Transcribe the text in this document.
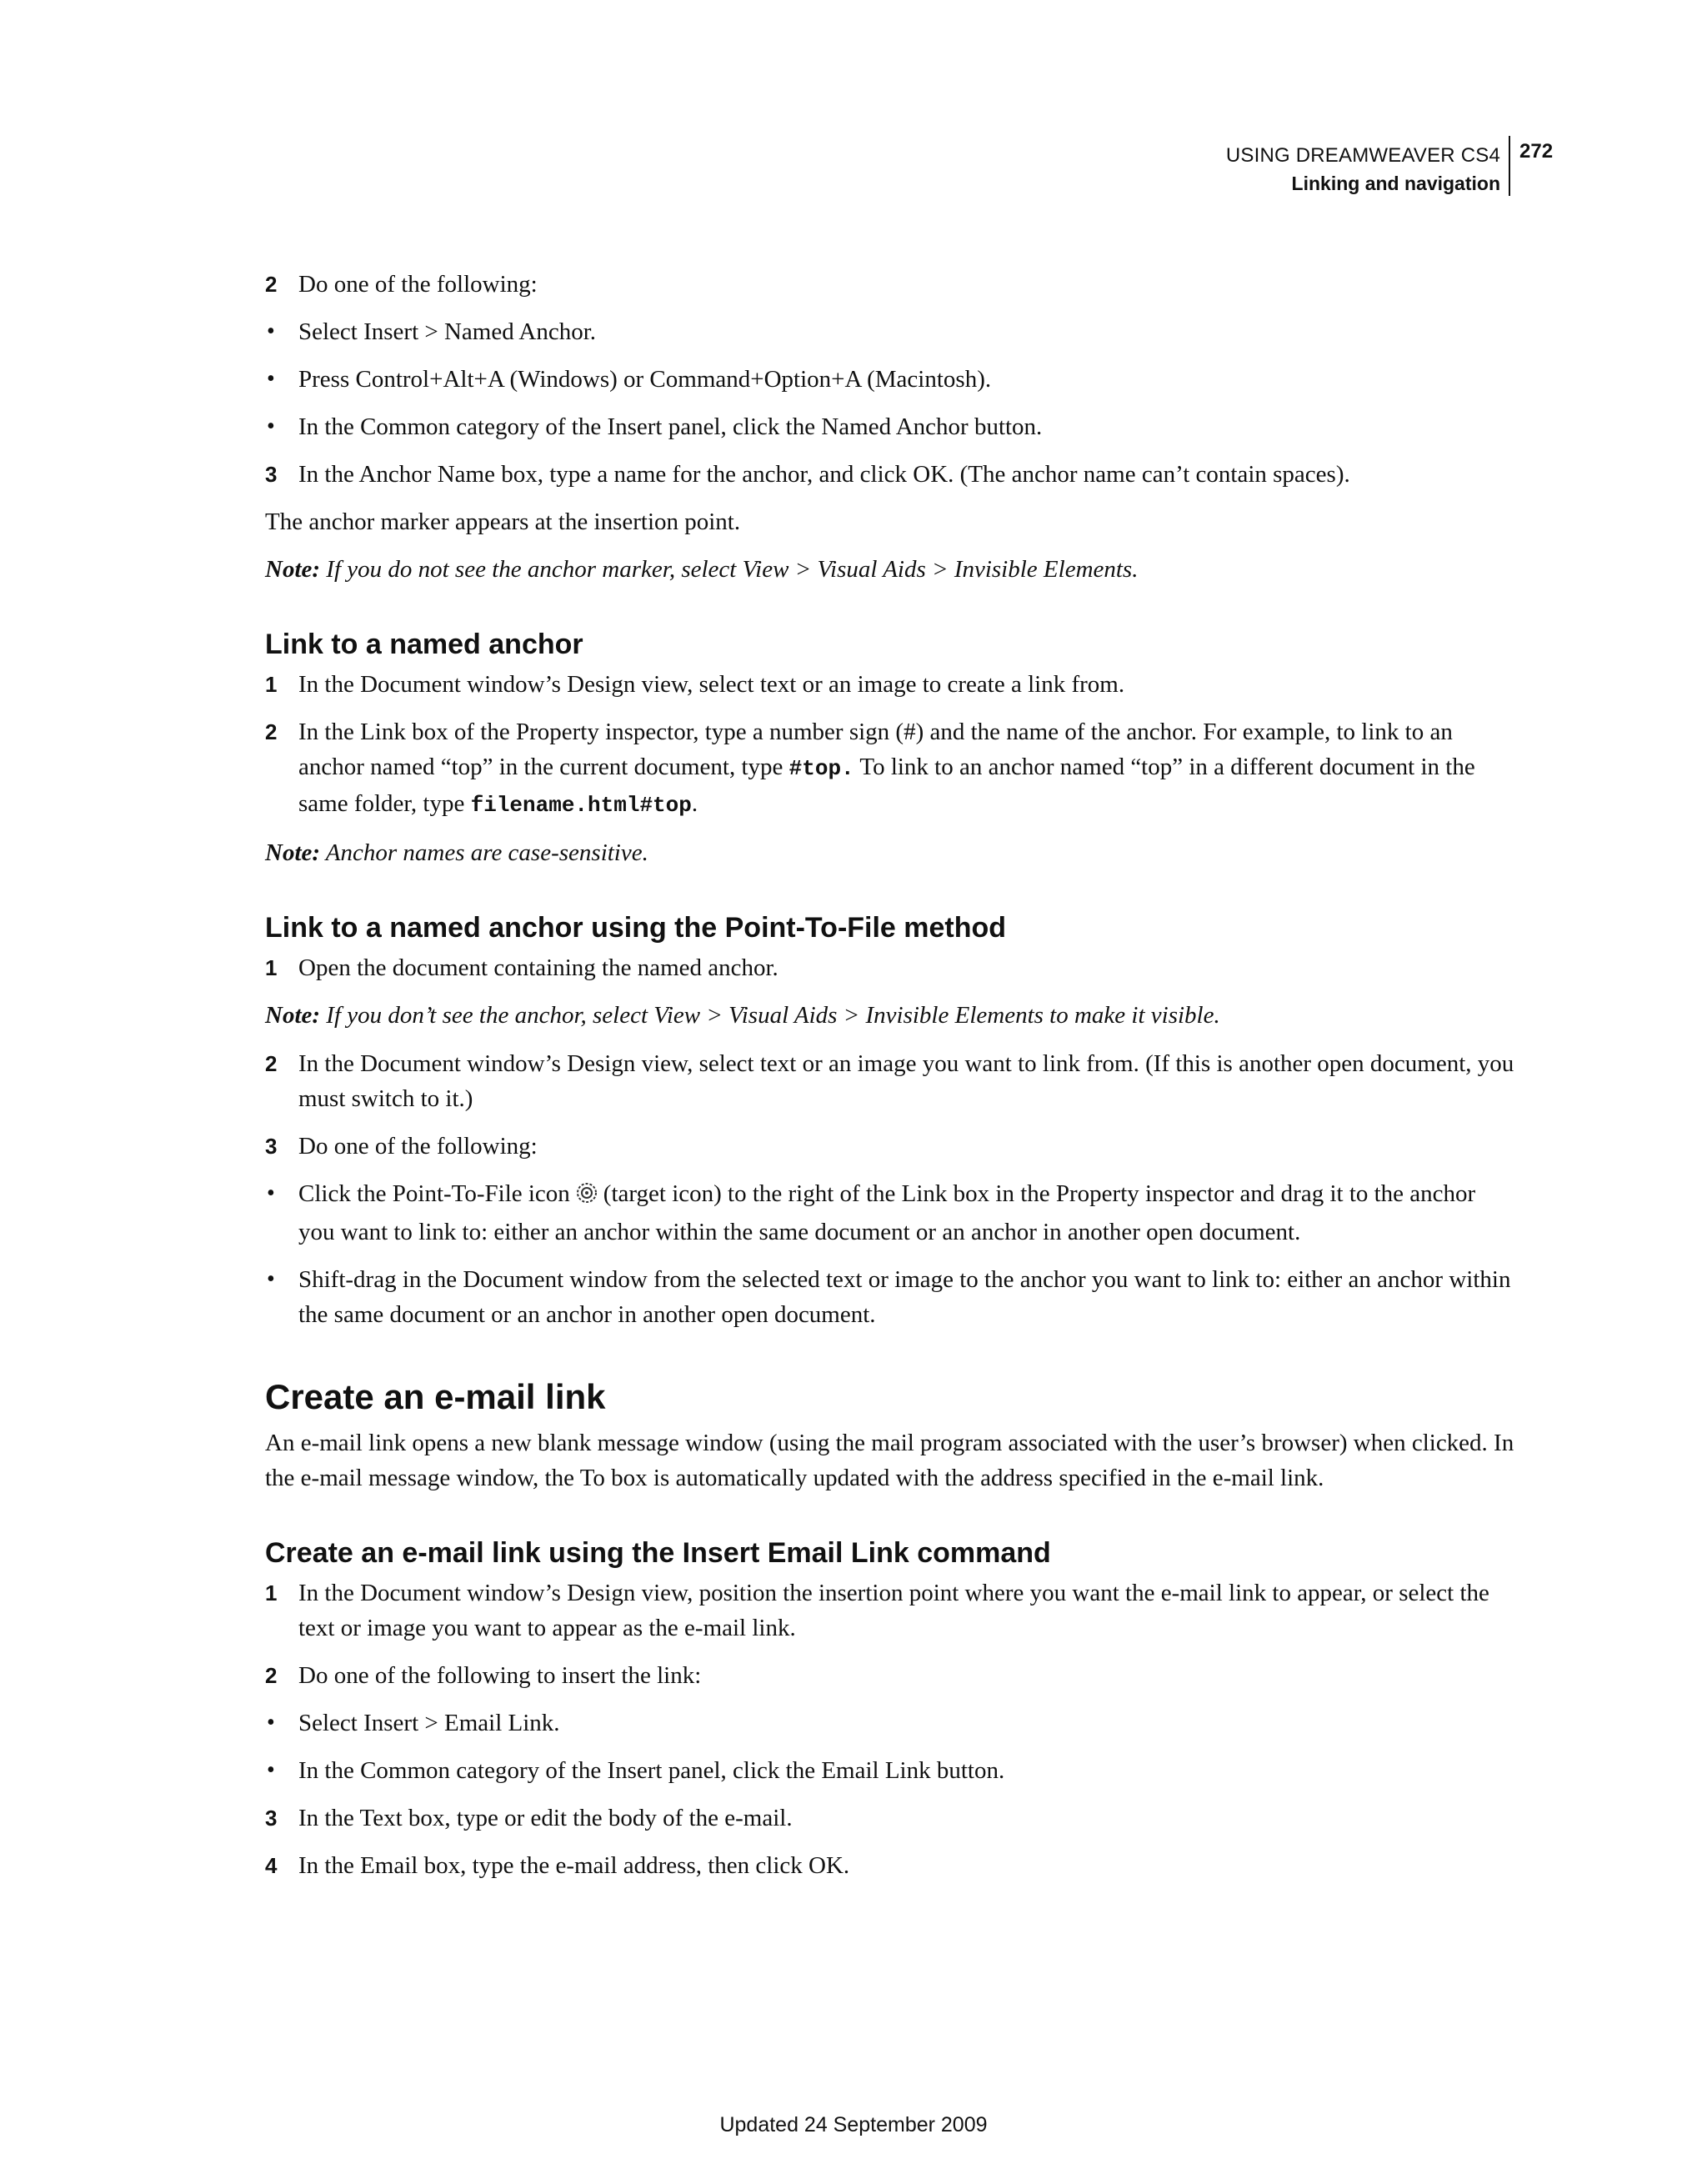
USING DREAMWEAVER CS4
Linking and navigation
272
2 Do one of the following:
• Select Insert > Named Anchor.
• Press Control+Alt+A (Windows) or Command+Option+A (Macintosh).
• In the Common category of the Insert panel, click the Named Anchor button.
3 In the Anchor Name box, type a name for the anchor, and click OK. (The anchor name can’t contain spaces).

The anchor marker appears at the insertion point.

Note: If you do not see the anchor marker, select View > Visual Aids > Invisible Elements.

Link to a named anchor
1 In the Document window’s Design view, select text or an image to create a link from.
2 In the Link box of the Property inspector, type a number sign (#) and the name of the anchor. For example, to link to an anchor named “top” in the current document, type #top. To link to an anchor named “top” in a different document in the same folder, type filename.html#top.

Note: Anchor names are case-sensitive.

Link to a named anchor using the Point-To-File method
1 Open the document containing the named anchor.

Note: If you don’t see the anchor, select View > Visual Aids > Invisible Elements to make it visible.

2 In the Document window’s Design view, select text or an image you want to link from. (If this is another open document, you must switch to it.)
3 Do one of the following:
• Click the Point-To-File icon (target icon) to the right of the Link box in the Property inspector and drag it to the anchor you want to link to: either an anchor within the same document or an anchor in another open document.
• Shift-drag in the Document window from the selected text or image to the anchor you want to link to: either an anchor within the same document or an anchor in another open document.
Create an e-mail link

An e-mail link opens a new blank message window (using the mail program associated with the user’s browser) when clicked. In the e-mail message window, the To box is automatically updated with the address specified in the e-mail link.

Create an e-mail link using the Insert Email Link command
1 In the Document window’s Design view, position the insertion point where you want the e-mail link to appear, or select the text or image you want to appear as the e-mail link.
2 Do one of the following to insert the link:
• Select Insert > Email Link.
• In the Common category of the Insert panel, click the Email Link button.
3 In the Text box, type or edit the body of the e-mail.
4 In the Email box, type the e-mail address, then click OK.
Updated 24 September 2009
